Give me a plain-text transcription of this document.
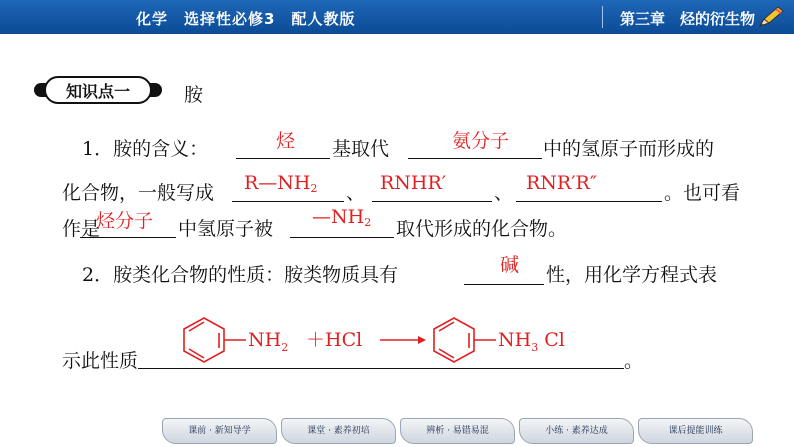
化学　选择性必修3　配人教版	第三章　烃的衍生物
知识点一	胺
1．胺的含义：	烃 基取代	氨分子 中的氢原子而形成的
化合物，一般写成 $R—NH_2$ 、 RNHR′	、 RNR′R″	。也可看
作是
烃分子 中氢原子被
$—NH_2$ 取代形成的化合物。
2．胺类化合物的性质：胺类物质具有	碱 性，用化学方程式表
$NH_2 +HCl$	$NH_3$ Cl
示此性质	。
课前 · 新知导学	课堂 · 素养初培	辨析 · 易错易混	小练 · 素养达成	课后提能训练
